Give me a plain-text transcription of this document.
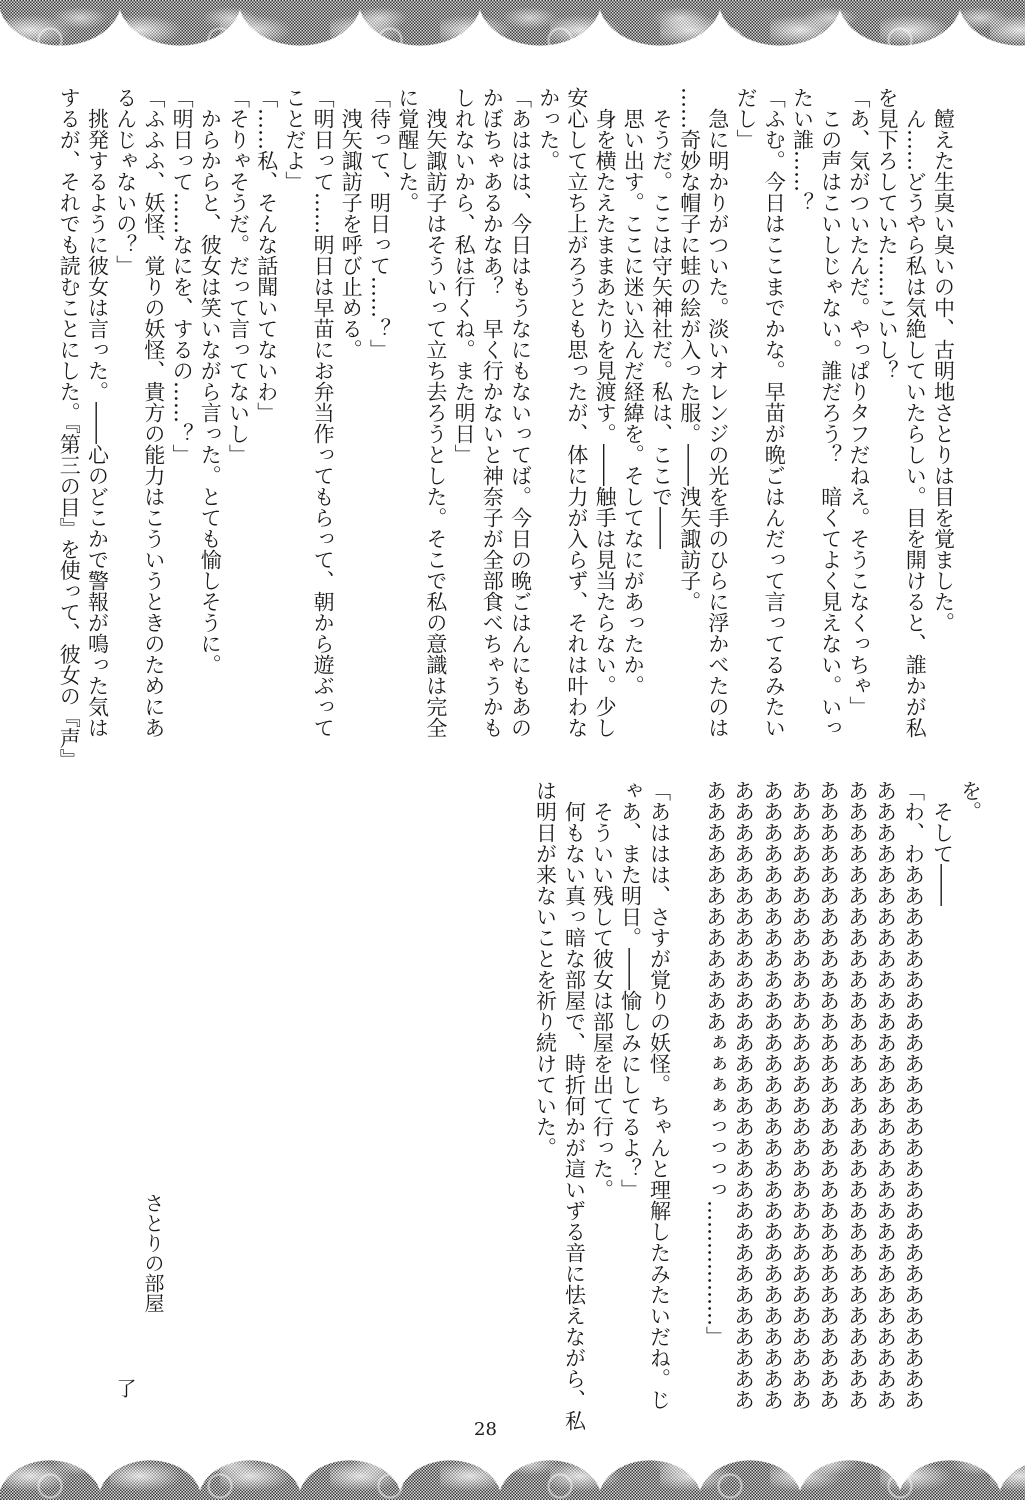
　饐えた生臭い臭いの中、古明地さとりは目を覚ました。
　ん……どうやら私は気絶していたらしい。目を開けると、誰かが私
を見下ろしていた……こいし？
「あ、気がついたんだ。やっぱりタフだねえ。そうこなくっちゃ」
　この声はこいしじゃない。誰だろう？　暗くてよく見えない。いっ
たい誰……？
「ふむ。今日はここまでかな。早苗が晩ごはんだって言ってるみたい
だし」
　急に明かりがついた。淡いオレンジの光を手のひらに浮かべたのは
……奇妙な帽子に蛙の絵が入った服。――洩矢諏訪子。
　そうだ。ここは守矢神社だ。私は、ここで――
　思い出す。ここに迷い込んだ経緯を。そしてなにがあったか。
　身を横たえたままあたりを見渡す。――触手は見当たらない。少し
安心して立ち上がろうとも思ったが、体に力が入らず、それは叶わな
かった。
「あははは、今日はもうなにもないってば。今日の晩ごはんにもあの
かぼちゃあるかなあ？　早く行かないと神奈子が全部食べちゃうかも
しれないから、私は行くね。また明日」
　洩矢諏訪子はそういって立ち去ろうとした。そこで私の意識は完全
に覚醒した。
「待って、明日って……？」
　洩矢諏訪子を呼び止める。
「明日って……明日は早苗にお弁当作ってもらって、朝から遊ぶって
ことだよ」
「……私、そんな話聞いてないわ」
「そりゃそうだ。だって言ってないし」
　からからと、彼女は笑いながら言った。とても愉しそうに。
「明日って……なにを、するの……？」
「ふふふ、妖怪、覚りの妖怪、貴方の能力はこういうときのためにあ
るんじゃないの？」
　挑発するように彼女は言った。――心のどこかで警報が鳴った気は
するが、それでも読むことにした。『第三の目』を使って、彼女の『声』
を。
　そして――
「わ、わああああああああああああああああああああああああああ
ああああああああああああああああああああああああああああああ
ああああああああああああああああああああああああああああああ
ああああああああああああああああああああああああああああああ
ああああああああああああああああああああああああああああああ
ああああああああああああああああああああああああああああああ
ああああああああああああああああああああああああああああああ
ああああああああああああぁぁぁぁっっっっ………………」
「あははは、さすが覚りの妖怪。ちゃんと理解したみたいだね。じ
ゃあ、また明日。――愉しみにしてるよ？」
　そういい残して彼女は部屋を出て行った。
　何もない真っ暗な部屋で、時折何かが這いずる音に怯えながら、私
は明日が来ないことを祈り続けていた。
さとりの部屋
了
28
